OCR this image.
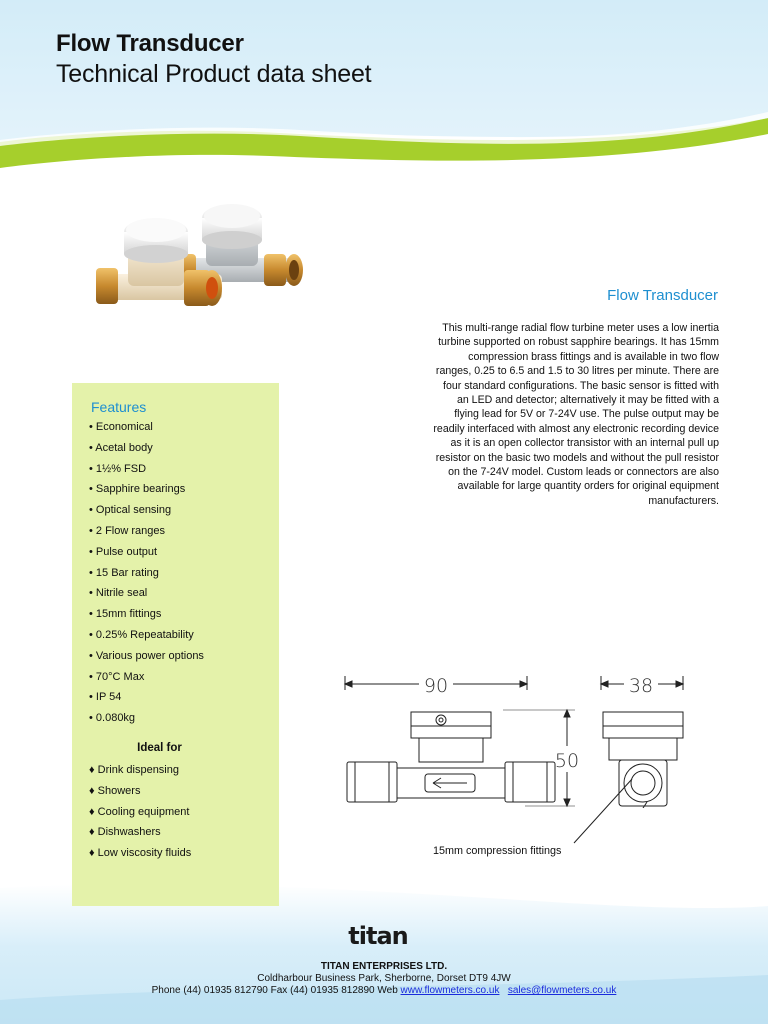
Flow Transducer
Technical Product data sheet
Flow Transducer

This multi-range radial flow turbine meter uses a low inertia turbine supported on robust sapphire bearings. It has 15mm compression brass fittings and is available in two flow ranges, 0.25 to 6.5 and 1.5 to 30 litres per minute. There are four standard configurations. The basic sensor is fitted with an LED and detector; alternatively it may be fitted with a flying lead for 5V or 7-24V use. The pulse output may be readily interfaced with almost any electronic recording device as it is an open collector transistor with an internal pull up resistor on the basic two models and without the pull resistor on the 7-24V model. Custom leads or connectors are also available for large quantity orders for original equipment manufacturers.

Features
• Economical
• Acetal body
• 1½% FSD
• Sapphire bearings
• Optical sensing
• 2 Flow ranges
• Pulse output
• 15 Bar rating
• Nitrile seal
• 15mm fittings
• 0.25% Repeatability
• Various power options
• 70°C Max
• IP 54
• 0.080kg
Ideal for
♦ Drink dispensing
♦ Showers
♦ Cooling equipment
♦ Dishwashers
♦ Low viscosity fluids
90	38
50
15mm compression fittings
titan
TITAN ENTERPRISES LTD.
Coldharbour Business Park, Sherborne, Dorset DT9 4JW
Phone (44) 01935 812790 Fax (44) 01935 812890 Web www.flowmeters.co.uk sales@flowmeters.co.uk
